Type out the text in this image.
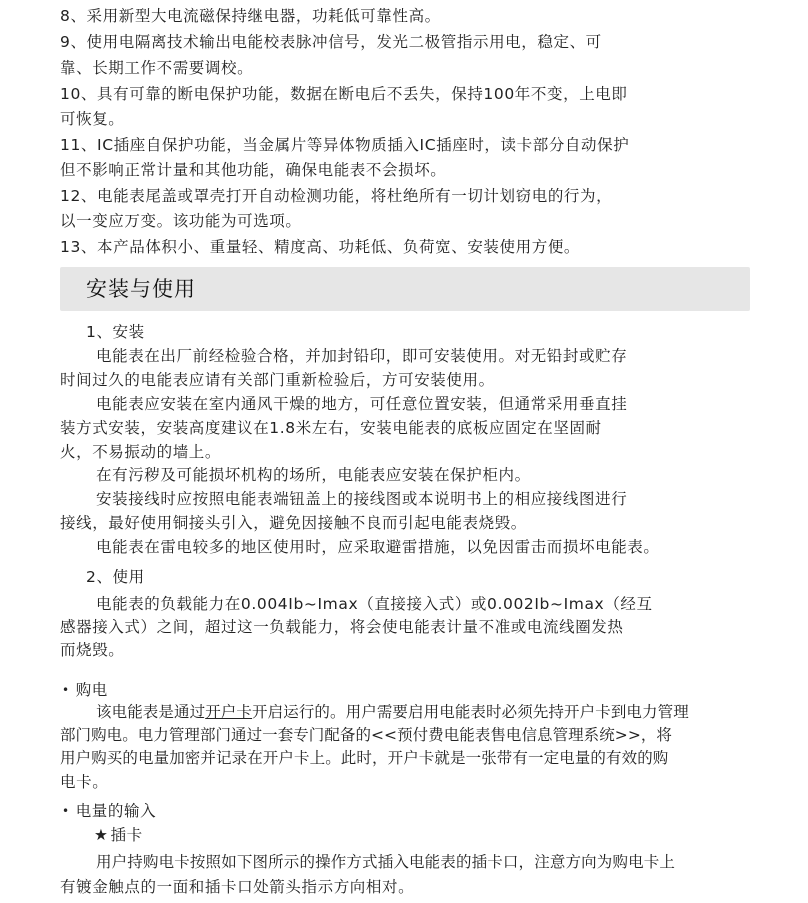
8、采用新型大电流磁保持继电器，功耗低可靠性高。
9、使用电隔离技术输出电能校表脉冲信号，发光二极管指示用电，稳定、可
靠、长期工作不需要调校。
10、具有可靠的断电保护功能，数据在断电后不丢失，保持100年不变，上电即
可恢复。
11、IC插座自保护功能，当金属片等异体物质插入IC插座时，读卡部分自动保护
但不影响正常计量和其他功能，确保电能表不会损坏。
12、电能表尾盖或罩壳打开自动检测功能，将杜绝所有一切计划窃电的行为，
以一变应万变。该功能为可选项。
13、本产品体积小、重量轻、精度高、功耗低、负荷宽、安装使用方便。
安装与使用
1、安装
电能表在出厂前经检验合格，并加封铅印，即可安装使用。对无铅封或贮存
时间过久的电能表应请有关部门重新检验后，方可安装使用。
电能表应安装在室内通风干燥的地方，可任意位置安装，但通常采用垂直挂
装方式安装，安装高度建议在1.8米左右，安装电能表的底板应固定在坚固耐
火，不易振动的墙上。
在有污秽及可能损坏机构的场所，电能表应安装在保护柜内。
安装接线时应按照电能表端钮盖上的接线图或本说明书上的相应接线图进行
接线，最好使用铜接头引入，避免因接触不良而引起电能表烧毁。
电能表在雷电较多的地区使用时，应采取避雷措施，以免因雷击而损坏电能表。
2、使用
电能表的负载能力在0.004Ib~Imax（直接接入式）或0.002Ib~Imax（经互
感器接入式）之间，超过这一负载能力，将会使电能表计量不准或电流线圈发热
而烧毁。
• 购电
该电能表是通过开户卡开启运行的。用户需要启用电能表时必须先持开户卡到电力管理
部门购电。电力管理部门通过一套专门配备的<<预付费电能表售电信息管理系统>>，将
用户购买的电量加密并记录在开户卡上。此时，开户卡就是一张带有一定电量的有效的购
电卡。
• 电量的输入
★ 插卡
用户持购电卡按照如下图所示的操作方式插入电能表的插卡口，注意方向为购电卡上
有镀金触点的一面和插卡口处箭头指示方向相对。
